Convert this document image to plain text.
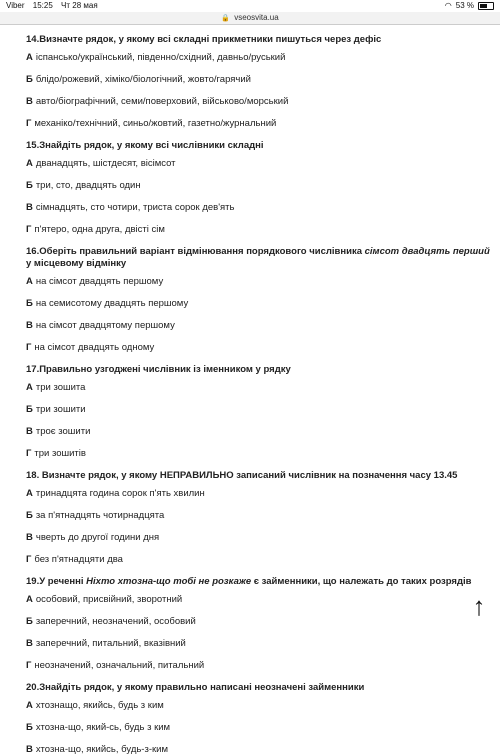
Viber 15:25 Чт 28 мая	◠ 53 %
🔒 vseosvita.ua
14.Визначте рядок, у якому всі складні прикметники пишуться через дефіс
А іспансько/український, південно/східний, давньо/руський
Б блідо/рожевий, хіміко/біологічний, жовто/гарячий
В авто/біографічний, семи/поверховий, військово/морський
Г механіко/технічний, синьо/жовтий, газетно/журнальний
15.Знайдіть рядок, у якому всі числівники складні
А дванадцять, шістдесят, вісімсот
Б три, сто, двадцять один
В сімнадцять, сто чотири, триста сорок дев'ять
Г п'ятеро, одна друга, двісті сім
16.Оберіть правильний варіант відмінювання порядкового числівника сімсот двадцять перший у місцевому відмінку
А на сімсот двадцять першому
Б на семисотому двадцять першому
В на сімсот двадцятому першому
Г на сімсот двадцять одному
17.Правильно узгоджені числівник із іменником у рядку
А три зошита
Б три зошити
В троє зошити
Г три зошитів
18. Визначте рядок, у якому НЕПРАВИЛЬНО записаний числівник на позначення часу 13.45
А тринадцята година сорок п'ять хвилин
Б за п'ятнадцять чотирнадцята
В чверть до другої години дня
Г без п'ятнадцяти два
19.У реченні Ніхто хтозна-що тобі не розкаже є займенники, що належать до таких розрядів
А особовий, присвійний, зворотний
Б заперечний, неозначений, особовий
В заперечний, питальний, вказівний
Г неозначений, означальний, питальний
20.Знайдіть рядок, у якому правильно написані неозначені займенники
А хтознащо, якийсь, будь з ким
Б хтозна-що, який-сь, будь з ким
В хтозна-що, якийсь, будь-з-ким
↑
